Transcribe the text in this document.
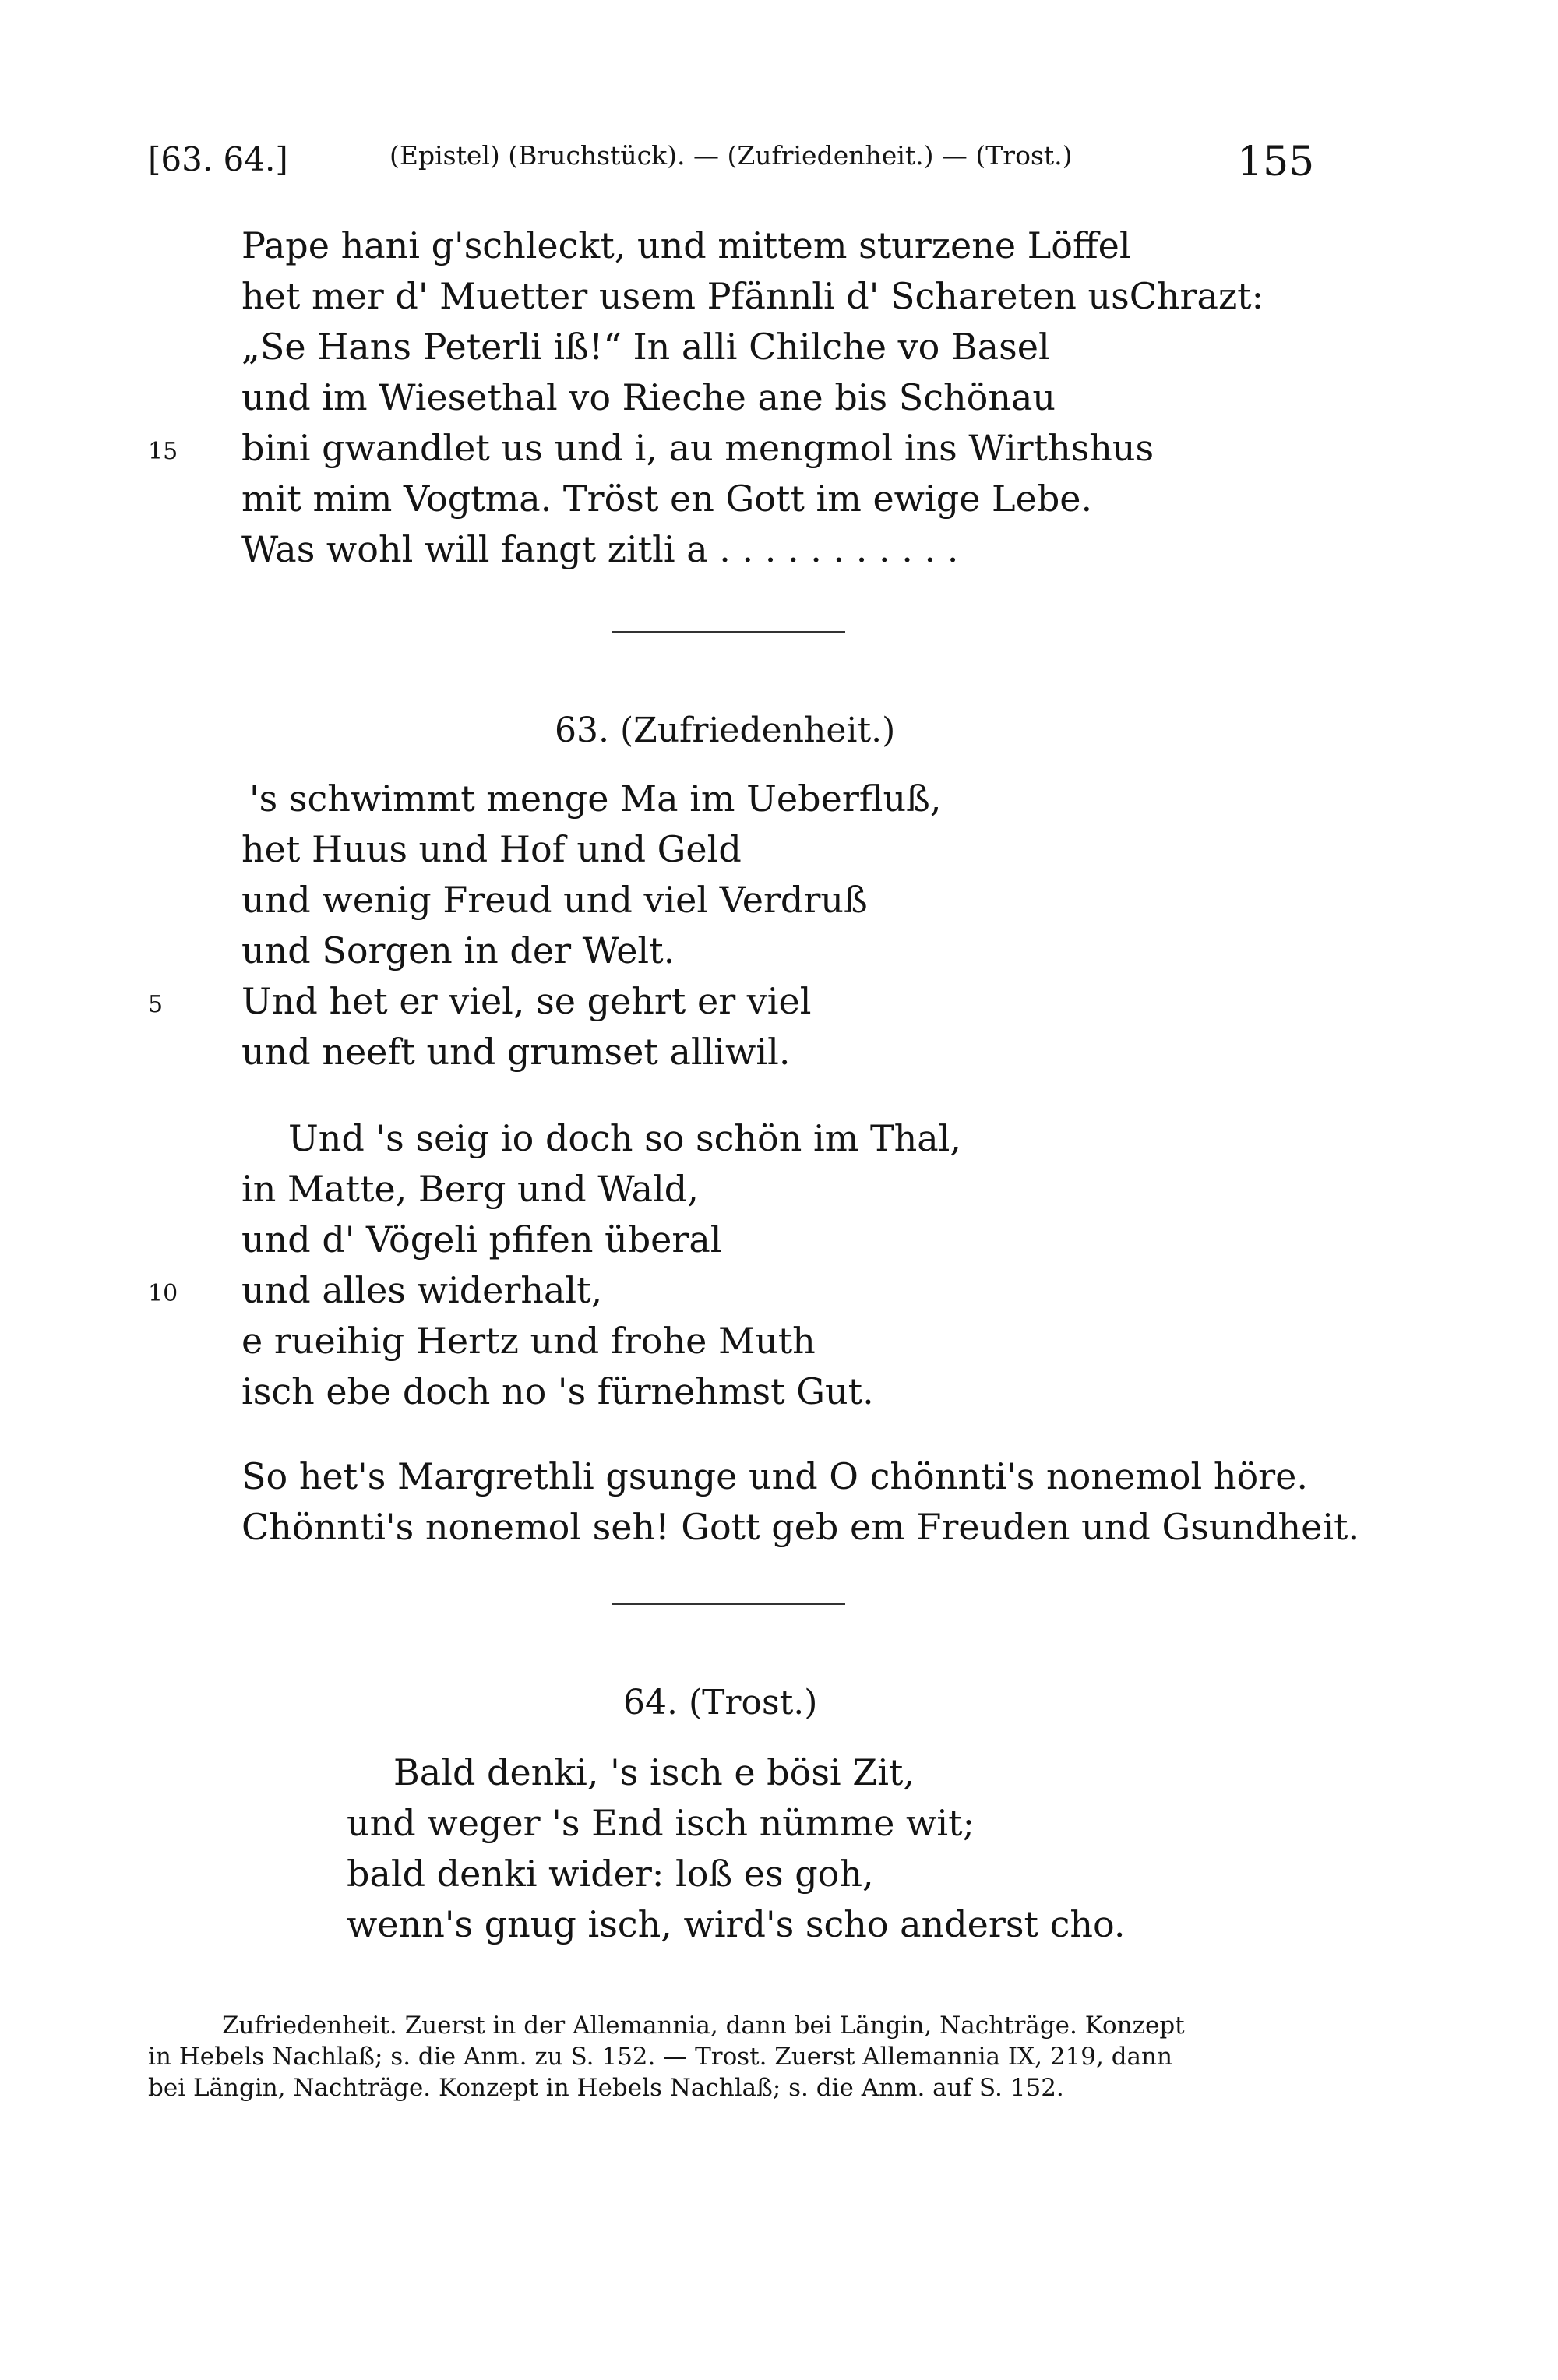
[63. 64.]	(Epistel) (Bruchstück). — (Zufriedenheit.) — (Trost.)	155
Pape hani g'schleckt, und mittem sturzene Löffel
het mer d' Muetter usem Pfännli d' Schareten usChrazt:
„Se Hans Peterli iß!“ In alli Chilche vo Basel
und im Wiesethal vo Rieche ane bis Schönau
15 bini gwandlet us und i, au mengmol ins Wirthshus
mit mim Vogtma. Tröst en Gott im ewige Lebe.
Was wohl will fangt zitli a . . . . . . . . . . .
63. (Zufriedenheit.)
's schwimmt menge Ma im Ueberfluß,
het Huus und Hof und Geld
und wenig Freud und viel Verdruß
und Sorgen in der Welt.
5 Und het er viel, se gehrt er viel
und neeft und grumset alliwil.
Und 's seig io doch so schön im Thal,
in Matte, Berg und Wald,
und d' Vögeli pfifen überal
10 und alles widerhalt,
e rueihig Hertz und frohe Muth
isch ebe doch no 's fürnehmst Gut.
So het's Margrethli gsunge und O chönnti's nonemol höre.
Chönnti's nonemol seh! Gott geb em Freuden und Gsundheit.
64. (Trost.)
Bald denki, 's isch e bösi Zit,
und weger 's End isch nümme wit;
bald denki wider: loß es goh,
wenn's gnug isch, wird's scho anderst cho.
Zufriedenheit. Zuerst in der Allemannia, dann bei Längin, Nachträge. Konzept
in Hebels Nachlaß; s. die Anm. zu S. 152. — Trost. Zuerst Allemannia IX, 219, dann
bei Längin, Nachträge. Konzept in Hebels Nachlaß; s. die Anm. auf S. 152.
